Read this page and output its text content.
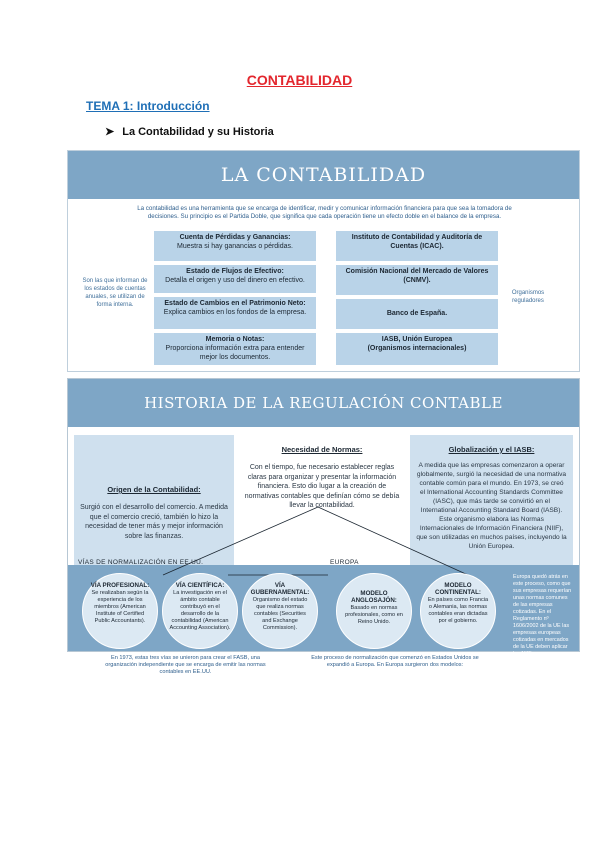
CONTABILIDAD
TEMA 1: Introducción
➤ La Contabilidad y su Historia
LA CONTABILIDAD
La contabilidad es una herramienta que se encarga de identificar, medir y comunicar información financiera para que sea la tomadora de decisiones. Su principio es el Partida Doble, que significa que cada operación tiene un efecto doble en el balance de la empresa.
Son las que informan de los estados de cuentas anuales, se utilizan de forma interna.
Organismos reguladores
Cuenta de Pérdidas y Ganancias:
Muestra si hay ganancias o pérdidas.
Estado de Flujos de Efectivo:
Detalla el origen y uso del dinero en efectivo.
Estado de Cambios en el Patrimonio Neto:
Explica cambios en los fondos de la empresa.
Memoria o Notas:
Proporciona información extra para entender mejor los documentos.
Instituto de Contabilidad y Auditoría de Cuentas (ICAC).
Comisión Nacional del Mercado de Valores (CNMV).
Banco de España.
IASB, Unión Europea
(Organismos internacionales)
HISTORIA DE LA REGULACIÓN CONTABLE
Origen de la Contabilidad:
Surgió con el desarrollo del comercio. A medida que el comercio creció, también lo hizo la necesidad de tener más y mejor información sobre las finanzas.
Necesidad de Normas:
Con el tiempo, fue necesario establecer reglas claras para organizar y presentar la información financiera. Esto dio lugar a la creación de normativas contables que definían cómo se debía llevar la contabilidad.
Globalización y el IASB:
A medida que las empresas comenzaron a operar globalmente, surgió la necesidad de una normativa contable común para el mundo. En 1973, se creó el International Accounting Standards Committee (IASC), que más tarde se convirtió en el International Accounting Standard Board (IASB). Este organismo elabora las Normas Internacionales de Información Financiera (NIIF), que son utilizadas en muchos países, incluyendo la Unión Europea.
VÍAS DE NORMALIZACIÓN EN EE.UU.	EUROPA
VÍA PROFESIONAL:
Se realizaban según la experiencia de los miembros (American Institute of Certified Public Accountants).
VÍA CIENTÍFICA:
La investigación en el ámbito contable contribuyó en el desarrollo de la contabilidad (American Accounting Association).
VÍA GUBERNAMENTAL:
Organismo del estado que realiza normas contables (Securities and Exchange Commission).
MODELO ANGLOSAJÓN:
Basado en normas profesionales, como en Reino Unido.
MODELO CONTINENTAL:
En países como Francia o Alemania, las normas contables eran dictadas por el gobierno.
Europa quedó atrás en este proceso, como que sus empresas requerían unas normas comunes de las empresas cotizadas. En el Reglamento nº 1606/2002 de la UE las empresas europeas cotizadas en mercados de la UE deben aplicar las NIIF.
En 1973, estas tres vías se unieron para crear el FASB, una organización independiente que se encarga de emitir las normas contables en EE.UU.
Este proceso de normalización que comenzó en Estados Unidos se expandió a Europa. En Europa surgieron dos modelos:
